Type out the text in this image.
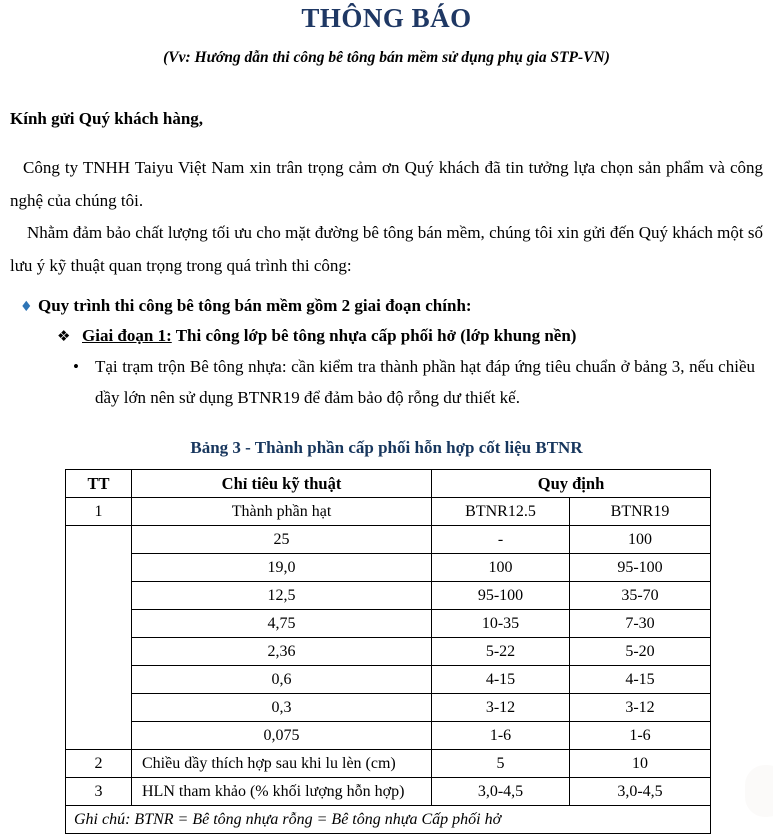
THÔNG BÁO
(Vv: Hướng dẫn thi công bê tông bán mềm sử dụng phụ gia STP-VN)
Kính gửi Quý khách hàng,

Công ty TNHH Taiyu Việt Nam xin trân trọng cảm ơn Quý khách đã tin tưởng lựa chọn sản phẩm và công nghệ của chúng tôi.

Nhằm đảm bảo chất lượng tối ưu cho mặt đường bê tông bán mềm, chúng tôi xin gửi đến Quý khách một số lưu ý kỹ thuật quan trọng trong quá trình thi công:

♦ Quy trình thi công bê tông bán mềm gồm 2 giai đoạn chính:
❖ Giai đoạn 1: Thi công lớp bê tông nhựa cấp phối hở (lớp khung nền)
• Tại trạm trộn Bê tông nhựa: cần kiểm tra thành phần hạt đáp ứng tiêu chuẩn ở bảng 3, nếu chiều dầy lớn nên sử dụng BTNR19 để đảm bảo độ rỗng dư thiết kế.
Bảng 3 - Thành phần cấp phối hỗn hợp cốt liệu BTNR
TT	Chỉ tiêu kỹ thuật	Quy định	
1	Thành phần hạt	BTNR12.5	BTNR19
	25	-	100
	19,0	100	95-100
	12,5	95-100	35-70
	4,75	10-35	7-30
	2,36	5-22	5-20
	0,6	4-15	4-15
	0,3	3-12	3-12
	0,075	1-6	1-6
2	Chiều dầy thích hợp sau khi lu lèn (cm)	5	10
3	HLN tham khảo (% khối lượng hỗn hợp)	3,0-4,5	3,0-4,5
Ghi chú: BTNR = Bê tông nhựa rỗng = Bê tông nhựa Cấp phối hở			
